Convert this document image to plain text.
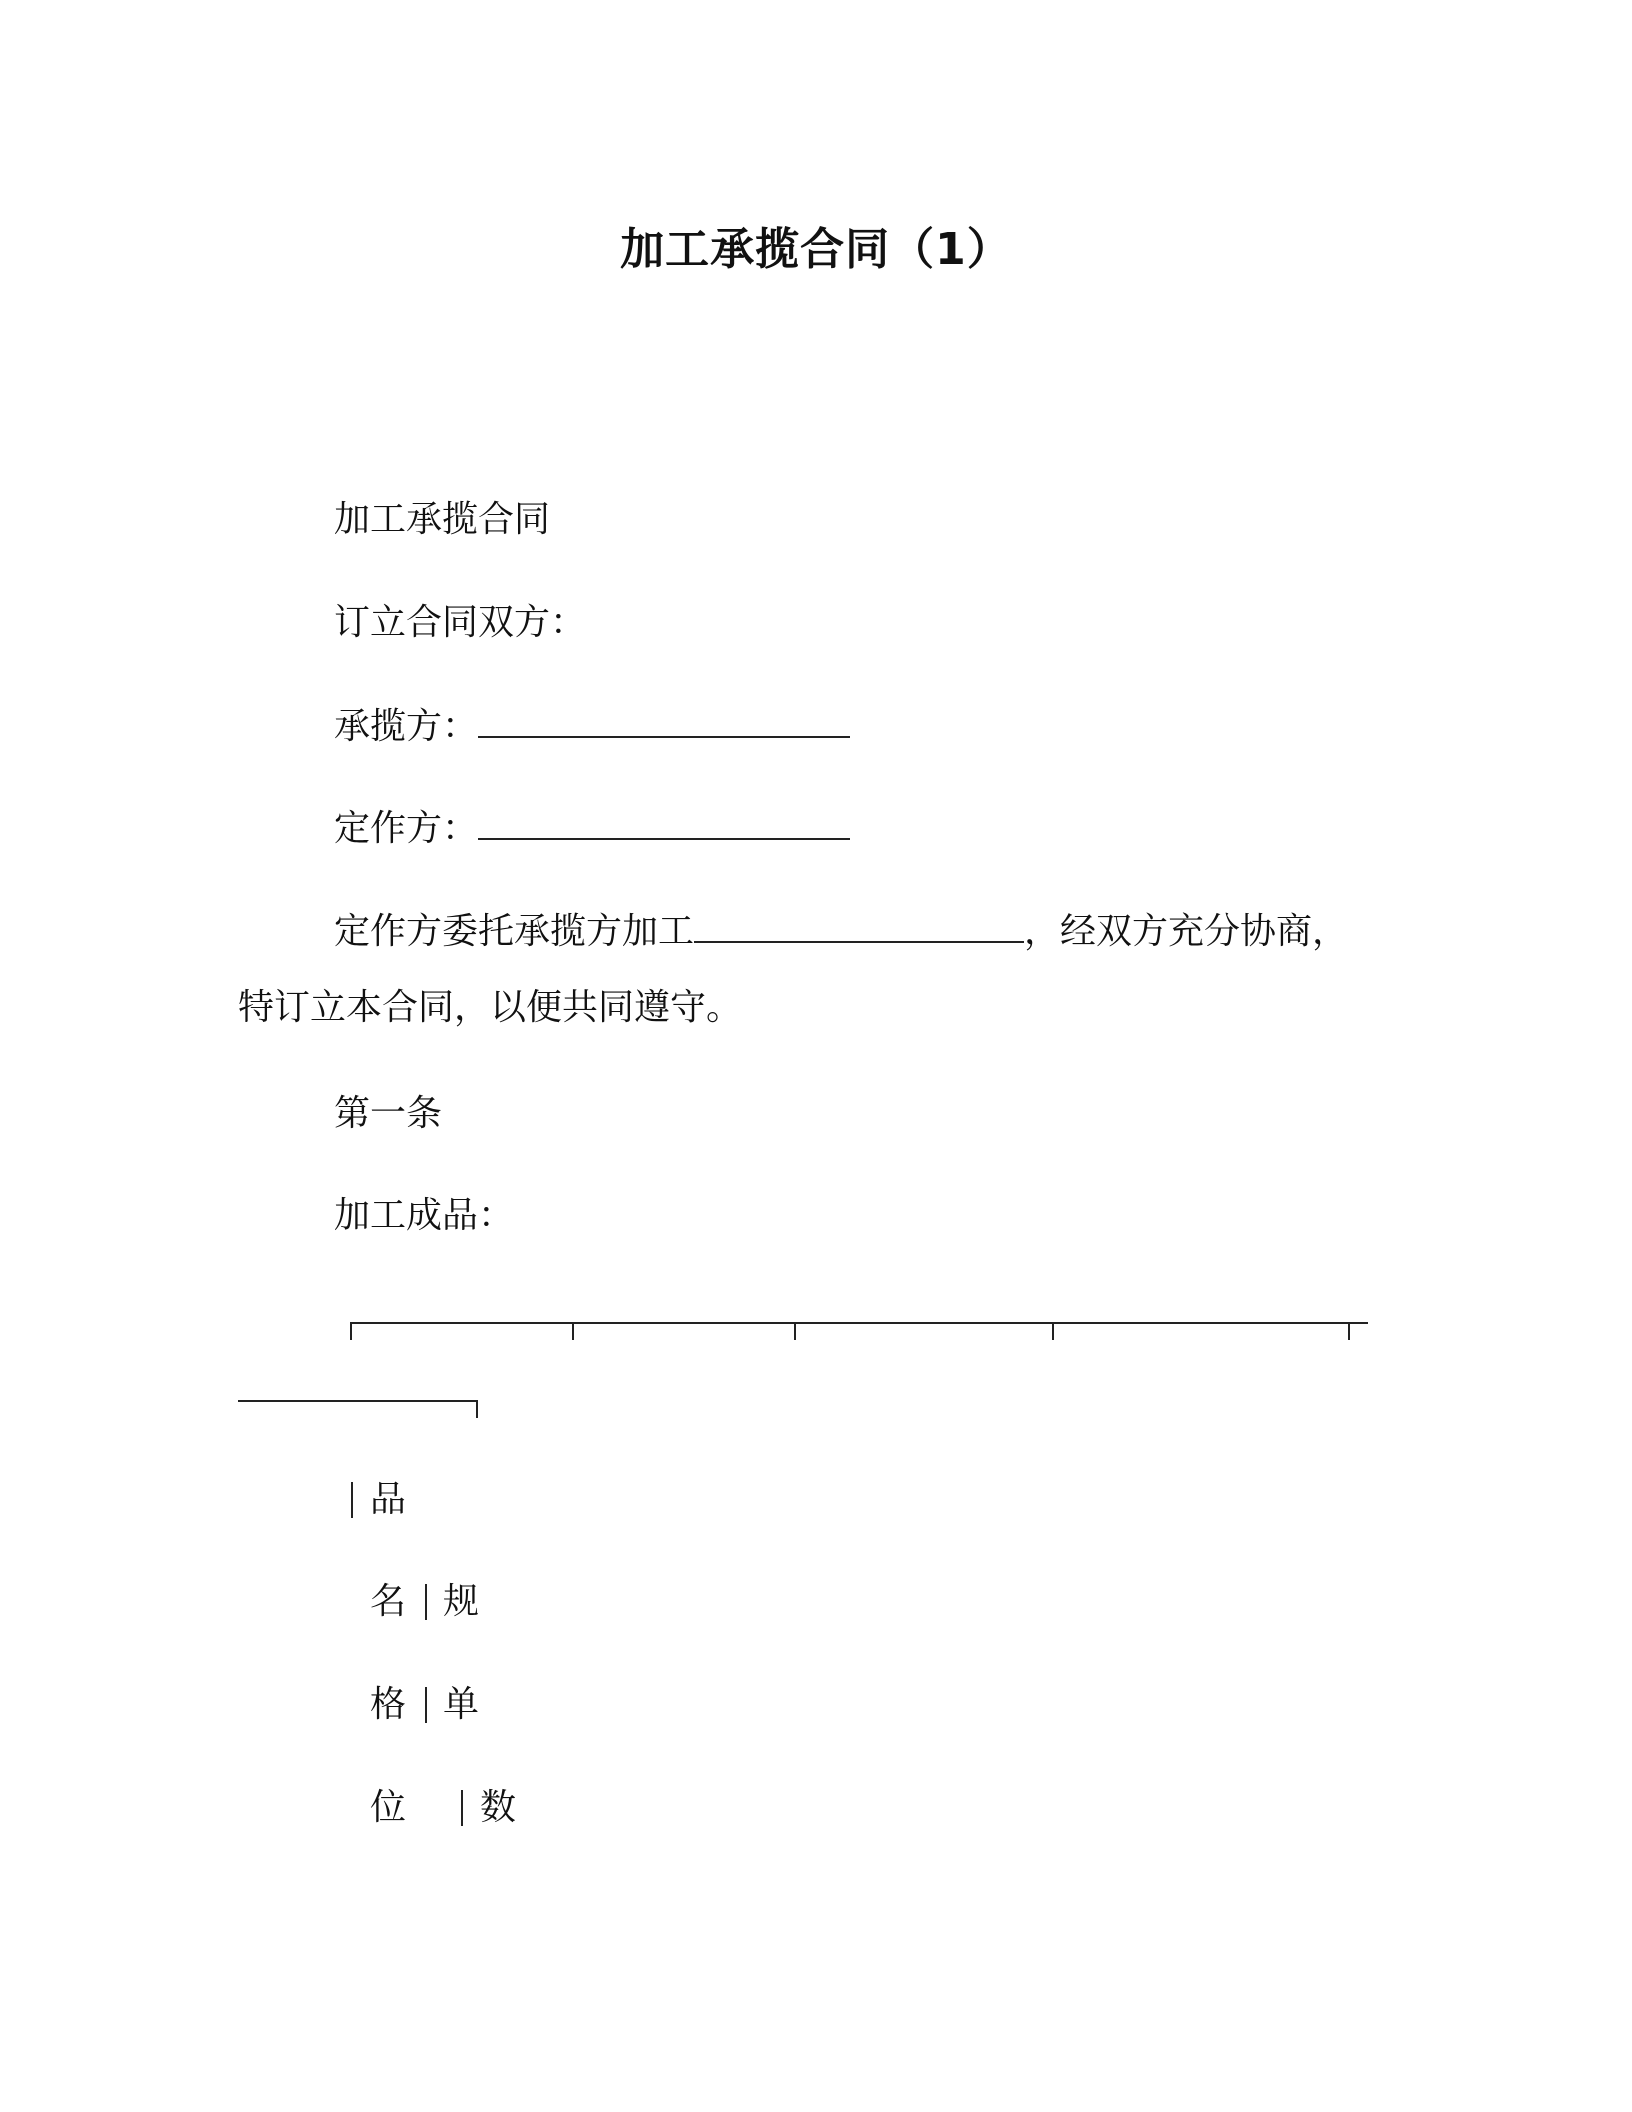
加工承揽合同（1）
加工承揽合同
订立合同双方：
承揽方：
定作方：
定作方委托承揽方加工	，经双方充分协商，
特订立本合同，以便共同遵守。
第一条
加工成品：
品
名 规
格 单
位 数
